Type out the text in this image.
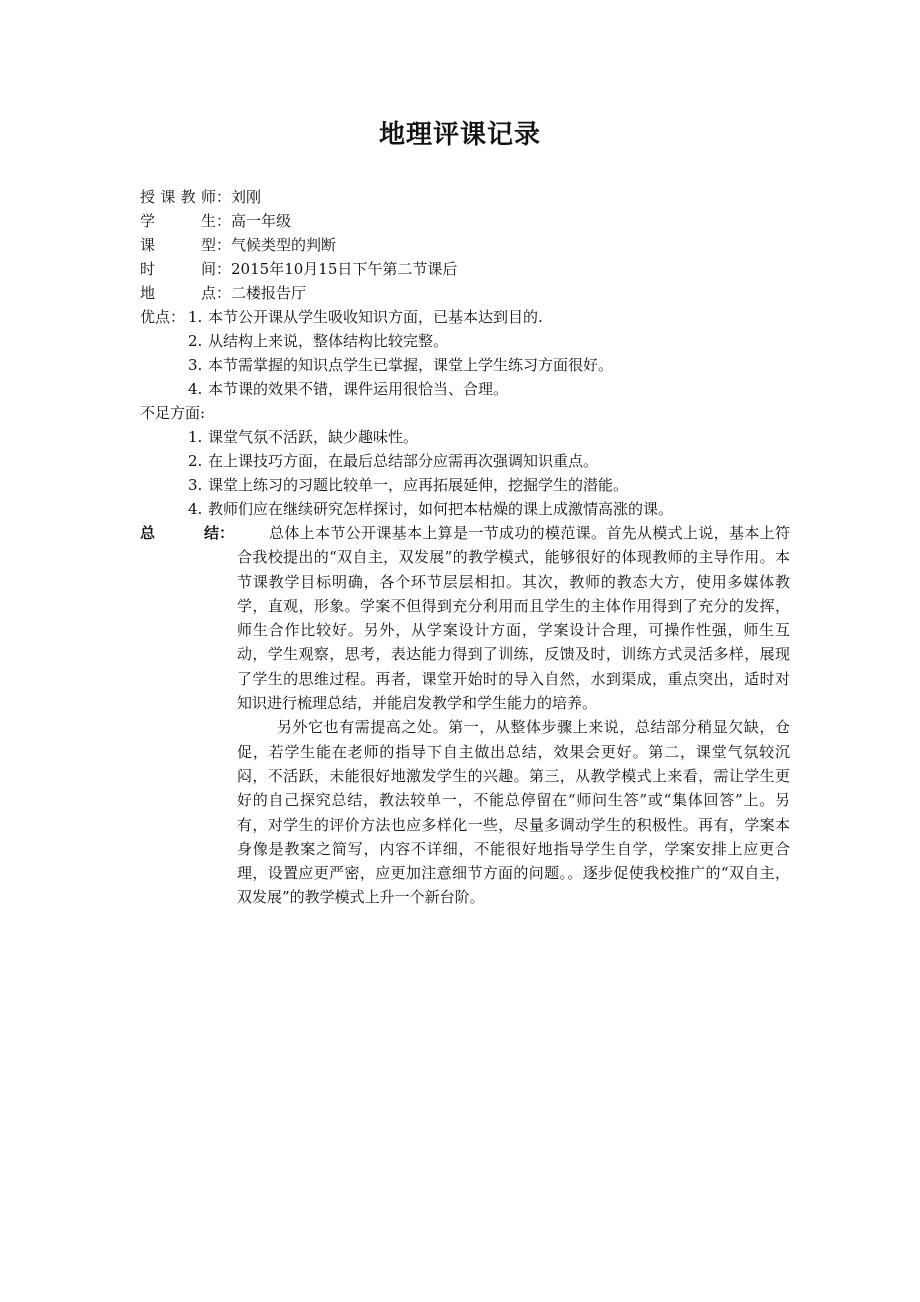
地理评课记录
授课教师：刘刚
学生：高一年级
课型：气候类型的判断
时间：2015年10月15日下午第二节课后
地点：二楼报告厅
优点： 1. 本节公开课从学生吸收知识方面，已基本达到目的.
2. 从结构上来说，整体结构比较完整。
3. 本节需掌握的知识点学生已掌握，课堂上学生练习方面很好。
4. 本节课的效果不错，课件运用很恰当、合理。
不足方面:
1. 课堂气氛不活跃，缺少趣味性。
2. 在上课技巧方面，在最后总结部分应需再次强调知识重点。
3. 课堂上练习的习题比较单一，应再拓展延伸，挖掘学生的潜能。
4. 教师们应在继续研究怎样探讨，如何把本枯燥的课上成激情高涨的课。
总	结：	总体上本节公开课基本上算是一节成功的模范课。首先从模式上说，基本上符合我校提出的“双自主，双发展”的教学模式，能够很好的体现教师的主导作用。本节课教学目标明确，各个环节层层相扣。其次，教师的教态大方，使用多媒体教学，直观，形象。学案不但得到充分利用而且学生的主体作用得到了充分的发挥，师生合作比较好。另外，从学案设计方面，学案设计合理，可操作性强，师生互动，学生观察，思考，表达能力得到了训练，反馈及时，训练方式灵活多样，展现了学生的思维过程。再者，课堂开始时的导入自然，水到渠成，重点突出，适时对知识进行梳理总结，并能启发教学和学生能力的培养。

另外它也有需提高之处。第一，从整体步骤上来说，总结部分稍显欠缺，仓促，若学生能在老师的指导下自主做出总结，效果会更好。第二，课堂气氛较沉闷，不活跃，未能很好地激发学生的兴趣。第三，从教学模式上来看，需让学生更好的自己探究总结，教法较单一，不能总停留在“师问生答”或“集体回答”上。另有，对学生的评价方法也应多样化一些，尽量多调动学生的积极性。再有，学案本身像是教案之简写，内容不详细，不能很好地指导学生自学，学案安排上应更合理，设置应更严密，应更加注意细节方面的问题。。逐步促使我校推广的“双自主，双发展”的教学模式上升一个新台阶。
